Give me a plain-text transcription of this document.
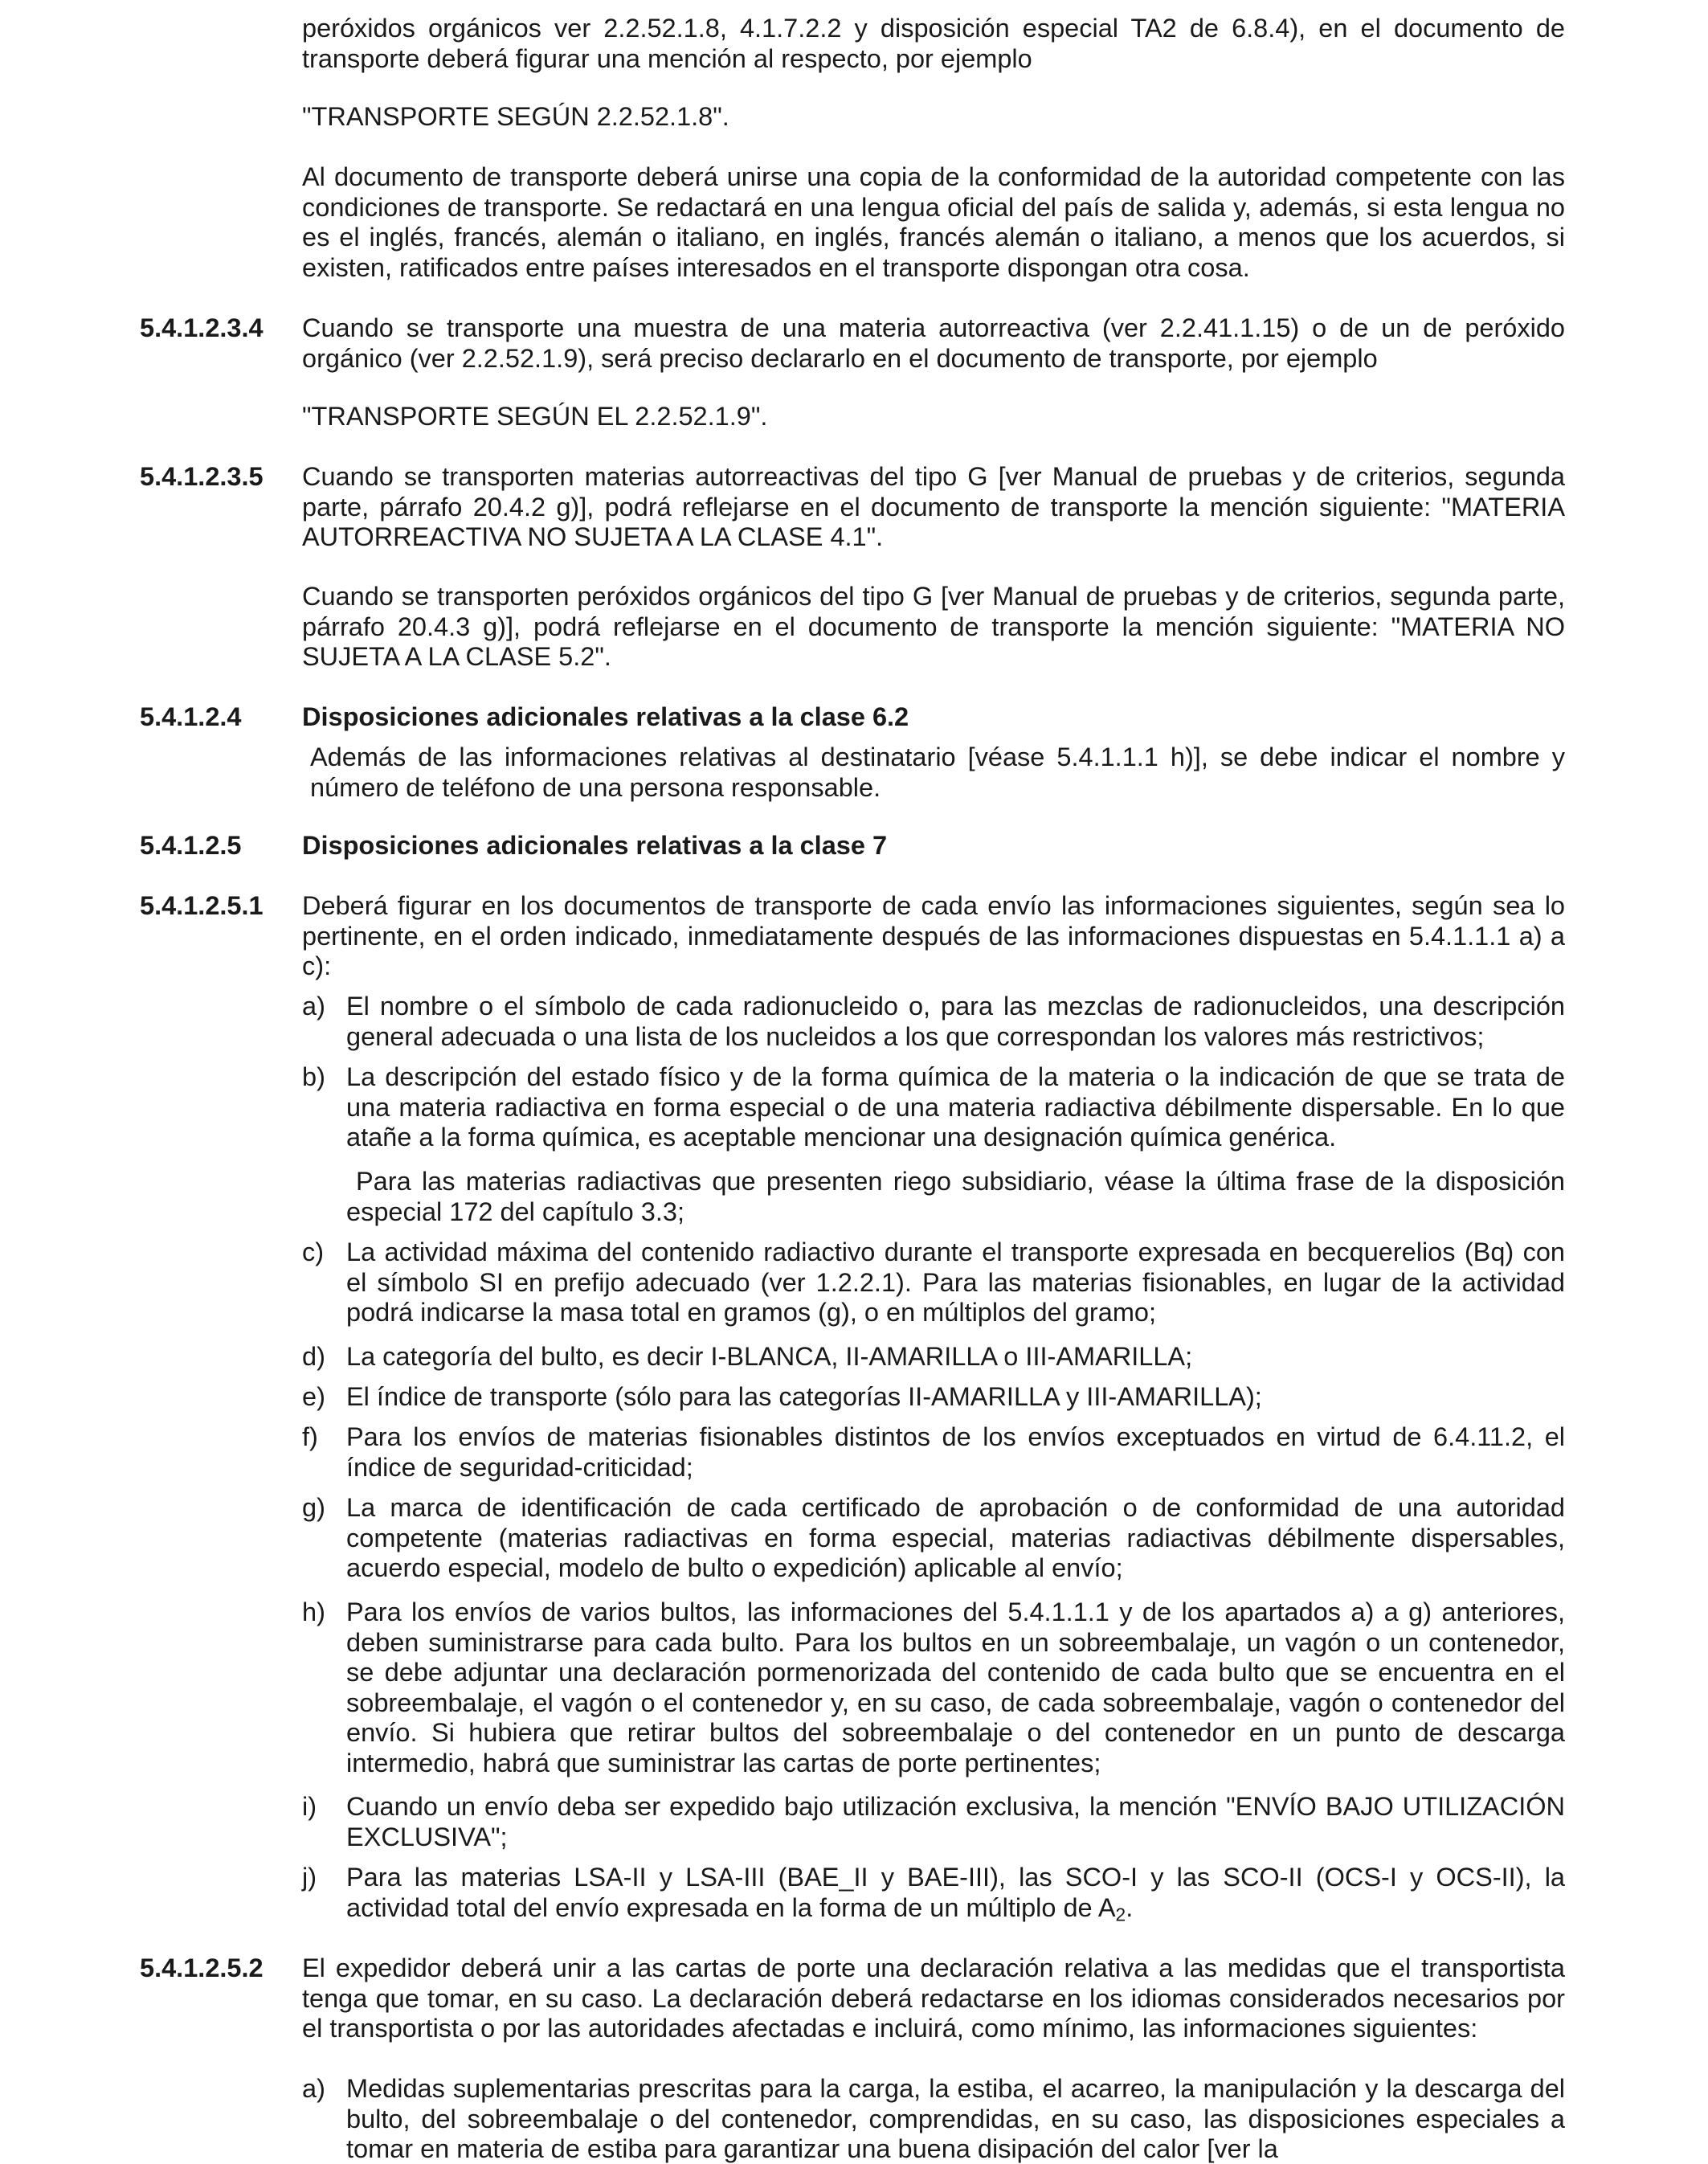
peróxidos orgánicos ver 2.2.52.1.8, 4.1.7.2.2 y disposición especial TA2 de 6.8.4), en el documento de transporte deberá figurar una mención al respecto, por ejemplo

"TRANSPORTE SEGÚN 2.2.52.1.8".

Al documento de transporte deberá unirse una copia de la conformidad de la autoridad competente con las condiciones de transporte. Se redactará en una lengua oficial del país de salida y, además, si esta lengua no es el inglés, francés, alemán o italiano, en inglés, francés alemán o italiano, a menos que los acuerdos, si existen, ratificados entre países interesados en el transporte dispongan otra cosa.

5.4.1.2.3.4 Cuando se transporte una muestra de una materia autorreactiva (ver 2.2.41.1.15) o de un de peróxido orgánico (ver 2.2.52.1.9), será preciso declararlo en el documento de transporte, por ejemplo

"TRANSPORTE SEGÚN EL 2.2.52.1.9".

5.4.1.2.3.5 Cuando se transporten materias autorreactivas del tipo G [ver Manual de pruebas y de criterios, segunda parte, párrafo 20.4.2 g)], podrá reflejarse en el documento de transporte la mención siguiente: "MATERIA AUTORREACTIVA NO SUJETA A LA CLASE 4.1".

Cuando se transporten peróxidos orgánicos del tipo G [ver Manual de pruebas y de criterios, segunda parte, párrafo 20.4.3 g)], podrá reflejarse en el documento de transporte la mención siguiente: "MATERIA NO SUJETA A LA CLASE 5.2".

5.4.1.2.4 Disposiciones adicionales relativas a la clase 6.2

Además de las informaciones relativas al destinatario [véase 5.4.1.1.1 h)], se debe indicar el nombre y número de teléfono de una persona responsable.

5.4.1.2.5 Disposiciones adicionales relativas a la clase 7

5.4.1.2.5.1 Deberá figurar en los documentos de transporte de cada envío las informaciones siguientes, según sea lo pertinente, en el orden indicado, inmediatamente después de las informaciones dispuestas en 5.4.1.1.1 a) a c):

a) El nombre o el símbolo de cada radionucleido o, para las mezclas de radionucleidos, una descripción general adecuada o una lista de los nucleidos a los que correspondan los valores más restrictivos;
b) La descripción del estado físico y de la forma química de la materia o la indicación de que se trata de una materia radiactiva en forma especial o de una materia radiactiva débilmente dispersable. En lo que atañe a la forma química, es aceptable mencionar una designación química genérica.

Para las materias radiactivas que presenten riego subsidiario, véase la última frase de la disposición especial 172 del capítulo 3.3;

c) La actividad máxima del contenido radiactivo durante el transporte expresada en becquerelios (Bq) con el símbolo SI en prefijo adecuado (ver 1.2.2.1). Para las materias fisionables, en lugar de la actividad podrá indicarse la masa total en gramos (g), o en múltiplos del gramo;
d) La categoría del bulto, es decir I-BLANCA, II-AMARILLA o III-AMARILLA;
e) El índice de transporte (sólo para las categorías II-AMARILLA y III-AMARILLA);
f)	Para los envíos de materias fisionables distintos de los envíos exceptuados en virtud de 6.4.11.2, el índice de seguridad-criticidad;
g) La marca de identificación de cada certificado de aprobación o de conformidad de una autoridad competente (materias radiactivas en forma especial, materias radiactivas débilmente dispersables, acuerdo especial, modelo de bulto o expedición) aplicable al envío;
h) Para los envíos de varios bultos, las informaciones del 5.4.1.1.1 y de los apartados a) a g) anteriores, deben suministrarse para cada bulto. Para los bultos en un sobreembalaje, un vagón o un contenedor, se debe adjuntar una declaración pormenorizada del contenido de cada bulto que se encuentra en el sobreembalaje, el vagón o el contenedor y, en su caso, de cada sobreembalaje, vagón o contenedor del envío. Si hubiera que retirar bultos del sobreembalaje o del contenedor en un punto de descarga intermedio, habrá que suministrar las cartas de porte pertinentes;
i)	Cuando un envío deba ser expedido bajo utilización exclusiva, la mención "ENVÍO BAJO UTILIZACIÓN EXCLUSIVA";
j)	Para las materias LSA-II y LSA-III (BAE_II y BAE-III), las SCO-I y las SCO-II (OCS-I y OCS-II), la actividad total del envío expresada en la forma de un múltiplo de $A_2$.

5.4.1.2.5.2 El expedidor deberá unir a las cartas de porte una declaración relativa a las medidas que el transportista tenga que tomar, en su caso. La declaración deberá redactarse en los idiomas considerados necesarios por el transportista o por las autoridades afectadas e incluirá, como mínimo, las informaciones siguientes:

a) Medidas suplementarias prescritas para la carga, la estiba, el acarreo, la manipulación y la descarga del bulto, del sobreembalaje o del contenedor, comprendidas, en su caso, las disposiciones especiales a tomar en materia de estiba para garantizar una buena disipación del calor [ver la
